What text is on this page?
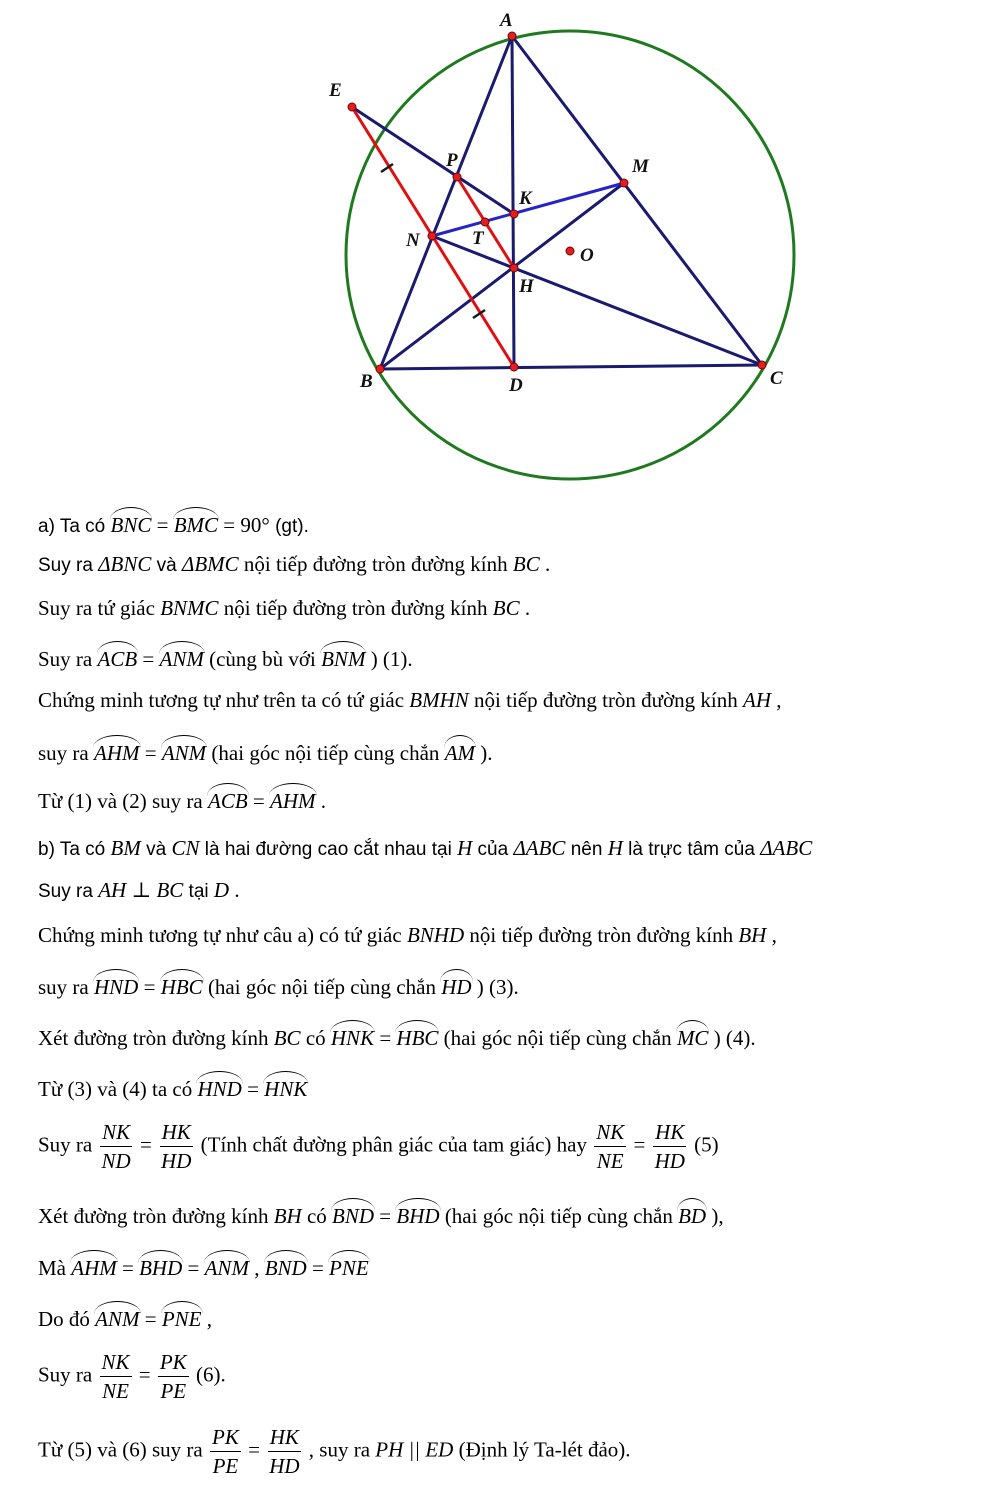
A
B	C
D
E
H
K
M
N
O
P
T
a) Ta có BNC = BMC = 90° (gt).
Suy ra ΔBNC và ΔBMC nội tiếp đường tròn đường kính BC .
Suy ra tứ giác BNMC nội tiếp đường tròn đường kính BC .
Suy ra ACB = ANM (cùng bù với BNM ) (1).
Chứng minh tương tự như trên ta có tứ giác BMHN nội tiếp đường tròn đường kính AH ,
suy ra AHM = ANM (hai góc nội tiếp cùng chắn AM ).
Từ (1) và (2) suy ra ACB = AHM .
b) Ta có BM và CN là hai đường cao cắt nhau tại H của ΔABC nên H là trực tâm của ΔABC
Suy ra AH ⊥ BC tại D .
Chứng minh tương tự như câu a) có tứ giác BNHD nội tiếp đường tròn đường kính BH ,
suy ra HND = HBC (hai góc nội tiếp cùng chắn HD ) (3).
Xét đường tròn đường kính BC có HNK = HBC (hai góc nội tiếp cùng chắn MC ) (4).
Từ (3) và (4) ta có HND = HNK
Suy ra $\frac{NK}{ND} = \frac{HK}{HD}$ (Tính chất đường phân giác của tam giác) hay $\frac{NK}{NE} = \frac{HK}{HD} (5)$
Xét đường tròn đường kính BH có BND = BHD (hai góc nội tiếp cùng chắn BD ),
Mà AHM = BHD = ANM , BND = PNE
Do đó ANM = PNE ,
Suy ra $\frac{NK}{NE} = \frac{PK}{PE} (6)$.
Từ (5) và (6) suy ra $\frac{PK}{PE} = \frac{HK}{HD}$ , suy ra PH || ED (Định lý Ta-lét đảo).
